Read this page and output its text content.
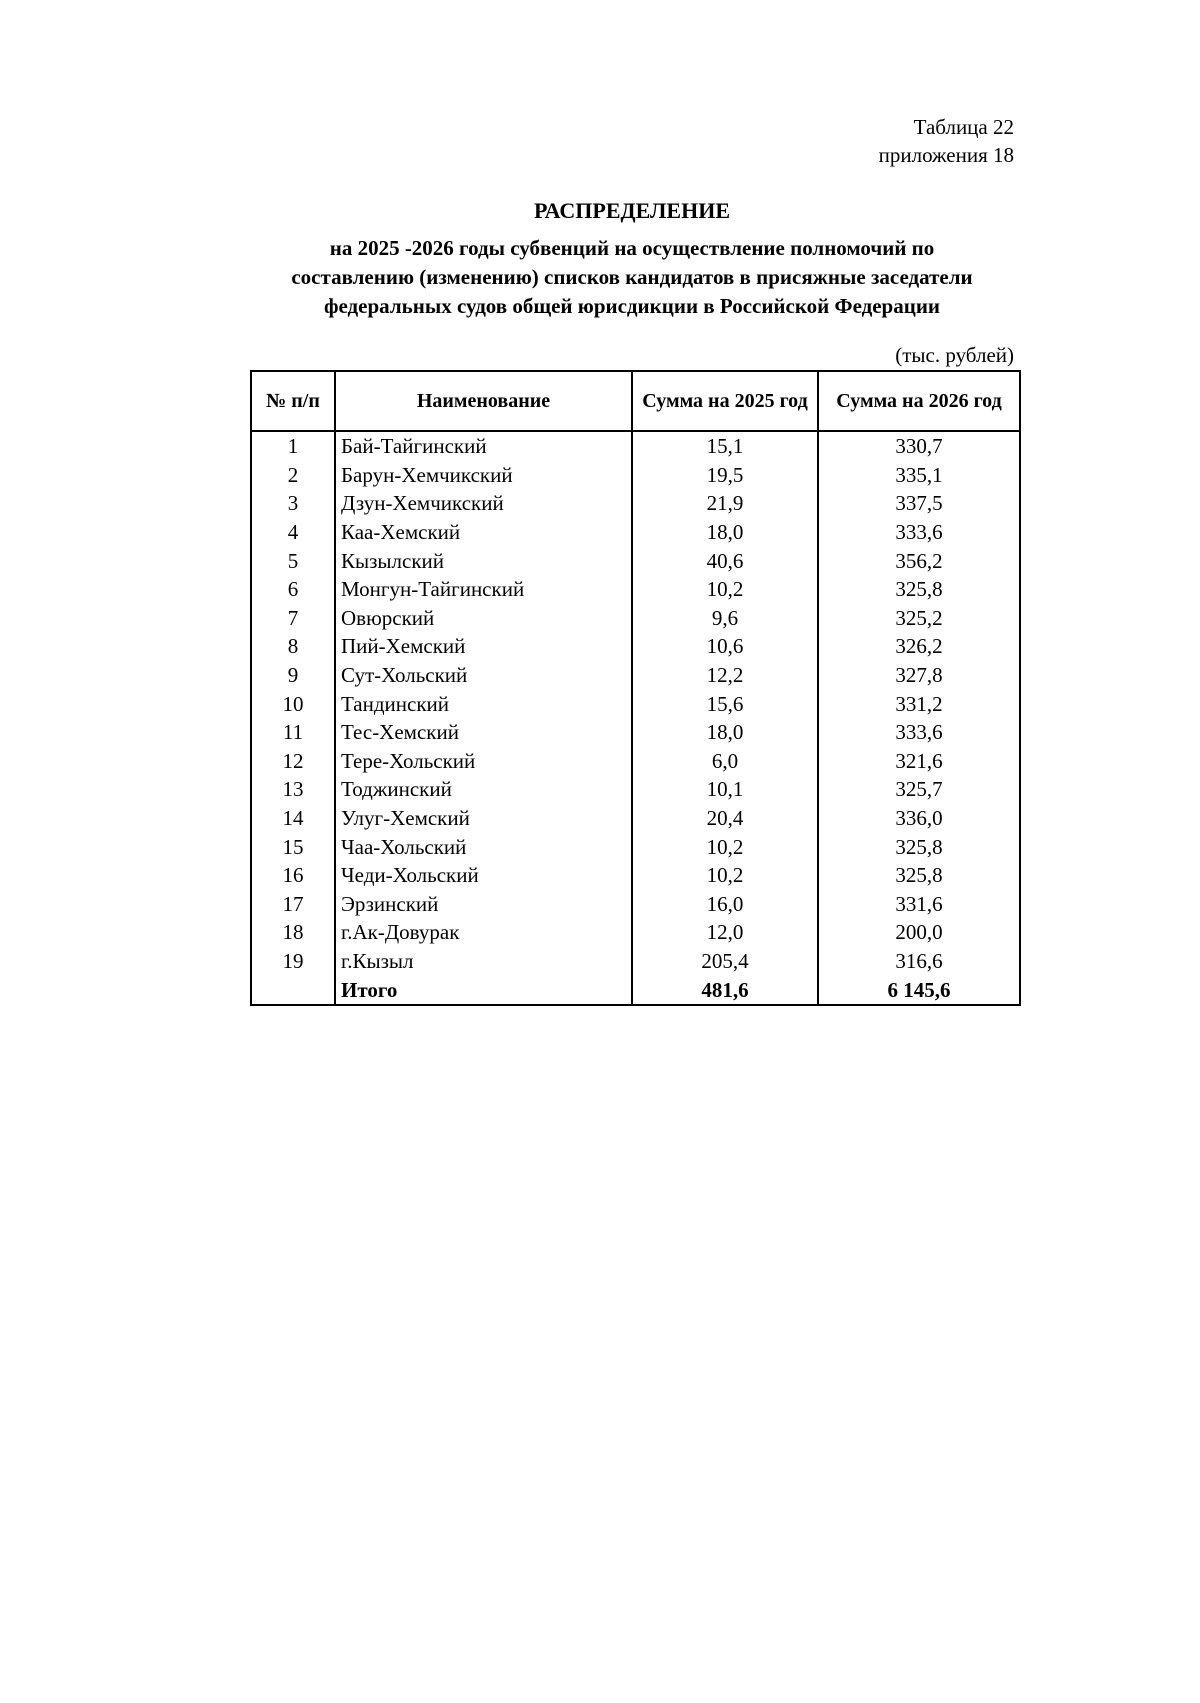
Таблица 22
приложения 18
РАСПРЕДЕЛЕНИЕ
на 2025 -2026 годы субвенций на осуществление полномочий по
составлению (изменению) списков кандидатов в присяжные заседатели
федеральных судов общей юрисдикции в Российской Федерации
(тыс. рублей)
№ п/п	Наименование	Сумма на 2025 год	Сумма на 2026 год
1	Бай-Тайгинский	15,1	330,7
2	Барун-Хемчикский	19,5	335,1
3	Дзун-Хемчикский	21,9	337,5
4	Каа-Хемский	18,0	333,6
5	Кызылский	40,6	356,2
6	Монгун-Тайгинский	10,2	325,8
7	Овюрский	9,6	325,2
8	Пий-Хемский	10,6	326,2
9	Сут-Хольский	12,2	327,8
10	Тандинский	15,6	331,2
11	Тес-Хемский	18,0	333,6
12	Тере-Хольский	6,0	321,6
13	Тоджинский	10,1	325,7
14	Улуг-Хемский	20,4	336,0
15	Чаа-Хольский	10,2	325,8
16	Чеди-Хольский	10,2	325,8
17	Эрзинский	16,0	331,6
18	г.Ак-Довурак	12,0	200,0
19	г.Кызыл	205,4	316,6
	Итого	481,6	6 145,6
